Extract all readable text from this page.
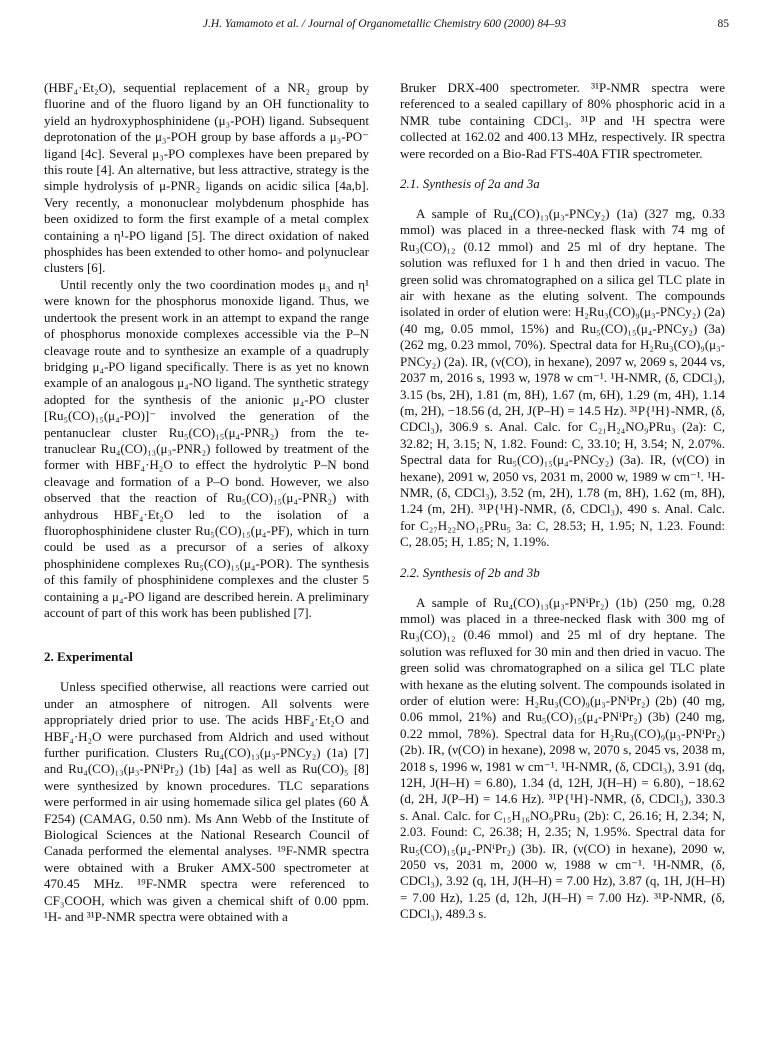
J.H. Yamamoto et al. / Journal of Organometallic Chemistry 600 (2000) 84–93	85

(HBF₄·Et₂O), sequential replacement of a NR₂ group by fluorine and of the fluoro ligand by an OH functionality to yield an hydroxyphosphinidene (μ₃-POH) ligand. Subsequent deprotonation of the μ₃-POH group by base affords a μ₃-PO⁻ ligand [4c]. Several μ₃-PO complexes have been prepared by this route [4]. An alternative, but less attractive, strategy is the simple hydrolysis of μ-PNR₂ ligands on acidic silica [4a,b]. Very recently, a mononuclear molybdenum phosphide has been oxidized to form the first example of a metal complex containing a η¹-PO ligand [5]. The direct oxidation of naked phosphides has been extended to other homo- and polynuclear clusters [6].

Until recently only the two coordination modes μ₃ and η¹ were known for the phosphorus monoxide ligand. Thus, we undertook the present work in an attempt to expand the range of phosphorus monoxide complexes accessible via the P–N cleavage route and to synthesize an example of a quadruply bridging μ₄-PO ligand specifically. There is as yet no known example of an analogous μ₄-NO ligand. The synthetic strategy adopted for the synthesis of the anionic μ₄-PO cluster [Ru₅(CO)₁₅(μ₄-PO)]⁻ involved the generation of the pentanuclear cluster Ru₅(CO)₁₅(μ₄-PNR₂) from the tetranuclear Ru₄(CO)₁₃(μ₃-PNR₂) followed by treatment of the former with HBF₄·H₂O to effect the hydrolytic P–N bond cleavage and formation of a P–O bond. However, we also observed that the reaction of Ru₅(CO)₁₅(μ₄-PNR₂) with anhydrous HBF₄·Et₂O led to the isolation of a fluorophosphinidene cluster Ru₅(CO)₁₅(μ₄-PF), which in turn could be used as a precursor of a series of alkoxy phosphinidene complexes Ru₅(CO)₁₅(μ₄-POR). The synthesis of this family of phosphinidene complexes and the cluster 5 containing a μ₄-PO ligand are described herein. A preliminary account of part of this work has been published [7].

2. Experimental

Unless specified otherwise, all reactions were carried out under an atmosphere of nitrogen. All solvents were appropriately dried prior to use. The acids HBF₄·Et₂O and HBF₄·H₂O were purchased from Aldrich and used without further purification. Clusters Ru₄(CO)₁₃(μ₃-PNCy₂) (1a) [7] and Ru₄(CO)₁₃(μ₃-PNⁱPr₂) (1b) [4a] as well as Ru(CO)₅ [8] were synthesized by known procedures. TLC separations were performed in air using homemade silica gel plates (60 Å F254) (CAMAG, 0.50 nm). Ms Ann Webb of the Institute of Biological Sciences at the National Research Council of Canada performed the elemental analyses. ¹⁹F-NMR spectra were obtained with a Bruker AMX-500 spectrometer at 470.45 MHz. ¹⁹F-NMR spectra were referenced to CF₃COOH, which was given a chemical shift of 0.00 ppm. ¹H- and ³¹P-NMR spectra were obtained with a

Bruker DRX-400 spectrometer. ³¹P-NMR spectra were referenced to a sealed capillary of 80% phosphoric acid in a NMR tube containing CDCl₃. ³¹P and ¹H spectra were collected at 162.02 and 400.13 MHz, respectively. IR spectra were recorded on a Bio-Rad FTS-40A FTIR spectrometer.

2.1. Synthesis of 2a and 3a

A sample of Ru₄(CO)₁₃(μ₃-PNCy₂) (1a) (327 mg, 0.33 mmol) was placed in a three-necked flask with 74 mg of Ru₃(CO)₁₂ (0.12 mmol) and 25 ml of dry heptane. The solution was refluxed for 1 h and then dried in vacuo. The green solid was chromatographed on a silica gel TLC plate in air with hexane as the eluting solvent. The compounds isolated in order of elution were: H₂Ru₃(CO)₉(μ₃-PNCy₂) (2a) (40 mg, 0.05 mmol, 15%) and Ru₅(CO)₁₅(μ₄-PNCy₂) (3a) (262 mg, 0.23 mmol, 70%). Spectral data for H₂Ru₃(CO)₉(μ₃-PNCy₂) (2a). IR, (ν(CO), in hexane), 2097 w, 2069 s, 2044 vs, 2037 m, 2016 s, 1993 w, 1978 w cm⁻¹. ¹H-NMR, (δ, CDCl₃), 3.15 (bs, 2H), 1.81 (m, 8H), 1.67 (m, 6H), 1.29 (m, 4H), 1.14 (m, 2H), −18.56 (d, 2H, J(P–H) = 14.5 Hz). ³¹P{¹H}-NMR, (δ, CDCl₃), 306.9 s. Anal. Calc. for C₂₁H₂₄NO₉PRu₃ (2a): C, 32.82; H, 3.15; N, 1.82. Found: C, 33.10; H, 3.54; N, 2.07%. Spectral data for Ru₅(CO)₁₅(μ₄-PNCy₂) (3a). IR, (ν(CO) in hexane), 2091 w, 2050 vs, 2031 m, 2000 w, 1989 w cm⁻¹. ¹H-NMR, (δ, CDCl₃), 3.52 (m, 2H), 1.78 (m, 8H), 1.62 (m, 8H), 1.24 (m, 2H). ³¹P{¹H}-NMR, (δ, CDCl₃), 490 s. Anal. Calc. for C₂₇H₂₂NO₁₅PRu₅ 3a: C, 28.53; H, 1.95; N, 1.23. Found: C, 28.05; H, 1.85; N, 1.19%.

2.2. Synthesis of 2b and 3b

A sample of Ru₄(CO)₁₃(μ₃-PNⁱPr₂) (1b) (250 mg, 0.28 mmol) was placed in a three-necked flask with 300 mg of Ru₃(CO)₁₂ (0.46 mmol) and 25 ml of dry heptane. The solution was refluxed for 30 min and then dried in vacuo. The green solid was chromatographed on a silica gel TLC plate with hexane as the eluting solvent. The compounds isolated in order of elution were: H₂Ru₃(CO)₉(μ₃-PNⁱPr₂) (2b) (40 mg, 0.06 mmol, 21%) and Ru₅(CO)₁₅(μ₄-PNⁱPr₂) (3b) (240 mg, 0.22 mmol, 78%). Spectral data for H₂Ru₃(CO)₉(μ₃-PNⁱPr₂) (2b). IR, (ν(CO) in hexane), 2098 w, 2070 s, 2045 vs, 2038 m, 2018 s, 1996 w, 1981 w cm⁻¹. ¹H-NMR, (δ, CDCl₃), 3.91 (dq, 12H, J(H–H) = 6.80), 1.34 (d, 12H, J(H–H) = 6.80), −18.62 (d, 2H, J(P–H) = 14.6 Hz). ³¹P{¹H}-NMR, (δ, CDCl₃), 330.3 s. Anal. Calc. for C₁₅H₁₆NO₉PRu₃ (2b): C, 26.16; H, 2.34; N, 2.03. Found: C, 26.38; H, 2.35; N, 1.95%. Spectral data for Ru₅(CO)₁₅(μ₄-PNⁱPr₂) (3b). IR, (ν(CO) in hexane), 2090 w, 2050 vs, 2031 m, 2000 w, 1988 w cm⁻¹. ¹H-NMR, (δ, CDCl₃), 3.92 (q, 1H, J(H–H) = 7.00 Hz), 3.87 (q, 1H, J(H–H) = 7.00 Hz), 1.25 (d, 12h, J(H–H) = 7.00 Hz). ³¹P-NMR, (δ, CDCl₃), 489.3 s.
